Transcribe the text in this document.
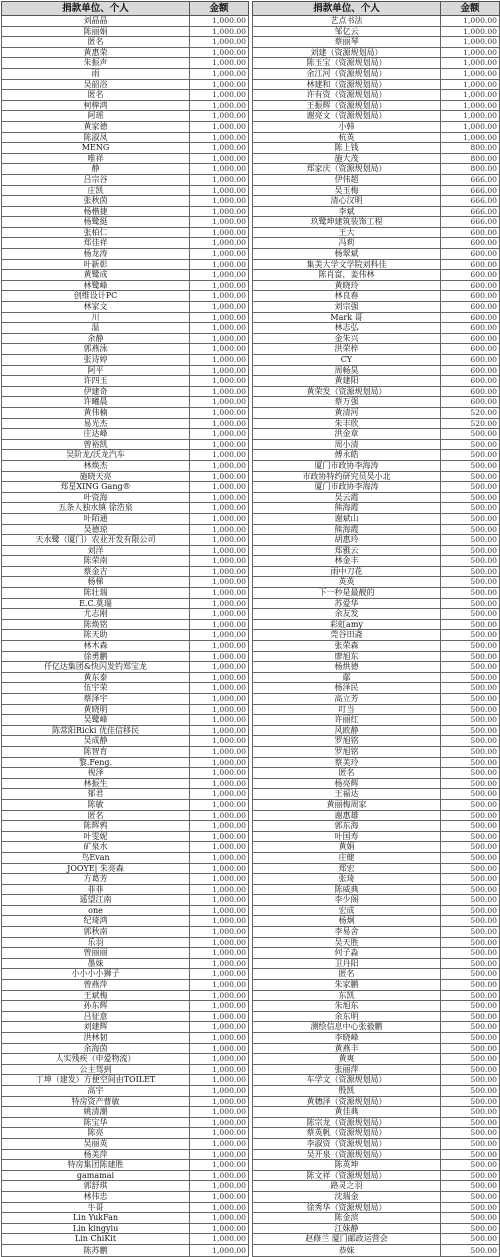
捐款单位、个人	金额
刘晶晶	1,000.00
陈丽娟	1,000.00
匿名	1,000.00
黄惠荣	1,000.00
朱振声	1,000.00
雨	1,000.00
吴韶浴	1,000.00
匿名	1,000.00
柯榉鸿	1,000.00
阿瑶	1,000.00
黄家德	1,000.00
陈淑凤	1,000.00
MENG	1,000.00
唯祥	1,000.00
静	1,000.00
吕宗谷	1,000.00
庄凯	1,000.00
张秋茵	1,000.00
杨楷捷	1,000.00
杨鹭挺	1,000.00
张柏仁	1,000.00
郑佳祥	1,000.00
杨龙涛	1,000.00
叶新彰	1,000.00
黄鹭成	1,000.00
林鹭峰	1,000.00
创维设计PC	1,000.00
林家文	1,000.00
川	1,000.00
温	1,000.00
余静	1,000.00
郭燕泳	1,000.00
张诗婷	1,000.00
阿平	1,000.00
许四玉	1,000.00
伊建奇	1,000.00
许曦晨	1,000.00
黄伟楠	1,000.00
易光杰	1,000.00
庄达峰	1,000.00
曾裕凯	1,000.00
吴阶龙/沃龙汽车	1,000.00
林焕杰	1,000.00
施晓天亮	1,000.00
郑星XING Gang®	1,000.00
叶资海	1,000.00
五条人独水镇 徐浩泉	1,000.00
叶陌通	1,000.00
吴德琼	1,000.00
天水鹭（厦门）农业开发有限公司	1,000.00
刘洋	1,000.00
陈荣南	1,000.00
蔡金吉	1,000.00
杨梯	1,000.00
陈壮瑞	1,000.00
E.C.莫瑞	1,000.00
尤志刚	1,000.00
陈焕铭	1,000.00
陈天助	1,000.00
林木森	1,000.00
徐勇鹏	1,000.00
仟亿达集团&快闪发钓郑宝龙	1,000.00
黄东泰	1,000.00
伍宇荣	1,000.00
蔡泽宇	1,000.00
黄晓明	1,000.00
吴鹭峰	1,000.00
陈常阳Ricki 优佳信移民	1,000.00
吴成静	1,000.00
陈智育	1,000.00
黎.Feng.	1,000.00
视泽	1,000.00
林振生	1,000.00
郁君	1,000.00
陈敏	1,000.00
匿名	1,000.00
陈辉鸦	1,000.00
叶雯妮	1,000.00
矿泉水	1,000.00
鸟Evan	1,000.00
JOOYE| 朱亮森	1,000.00
方葛芳	1,000.00
菲菲	1,000.00
遥望江南	1,000.00
one	1,000.00
纪琦鸿	1,000.00
郭秋南	1,000.00
乐羽	1,000.00
曾丽丽	1,000.00
墨妹	1,000.00
小小小小狮子	1,000.00
曾燕萍	1,000.00
王斌梅	1,000.00
孙东辉	1,000.00
吕征意	1,000.00
刘建辉	1,000.00
洪林韧	1,000.00
余海茵	1,000.00
人实残疾（申爱物流）	1,000.00
公主驾到	1,000.00
丁坤（建发）方便空间由TOILET	1,000.00
高宇	1,000.00
特房资产曹敏	1,000.00
姚清潮	1,000.00
陈宝华	1,000.00
陈亮	1,000.00
吴丽英	1,000.00
杨美萍	1,000.00
特房集团陈建胜	1,000.00
gamamai	1,000.00
郭舒琪	1,000.00
林伟忠	1,000.00
牛哥	1,000.00
Lin YukFan	1,000.00
Lin kingyiu	1,000.00
Lin ChiKit	1,000.00
陈苏鹏	1,000.00
捐款单位、个人	金额
艺点书法	1,000.00
邹亿云	1,000.00
蔡丽琴	1,000.00
刘建（资源规划局）	1,000.00
陈玉宝（资源规划局）	1,000.00
余江河（资源规划局）	1,000.00
林建和（资源规划局）	1,000.00
许有资（资源规划局）	1,000.00
王振辉（资源规划局）	1,000.00
谢亮文（资源规划局）	1,000.00
小韩	1,000.00
杭英	1,000.00
陈上钱	800.00
施大茂	800.00
郑家庆（资源规划局）	800.00
伊伟超	666.00
吴玉梅	666.00
清心汉明	666.00
李斌	666.00
玖鹭坤建筑装饰工程	666.00
王大	600.00
冯莉	600.00
杨翠斌	600.00
集美大学文学院刘科佳	600.00
陈肖富，姜伟林	600.00
黄晓玲	600.00
林良春	600.00
刘宗强	600.00
Mark 哥	600.00
林志弘	600.00
金朱兴	600.00
洪荣梓	600.00
CY	600.00
周畅昊	600.00
黄建阳	600.00
黄荣发（资源规划局）	600.00
蔡万强	600.00
黄清河	520.00
朱丰欣	520.00
洪金章	500.00
周小清	500.00
傅永皓	500.00
厦门市政协李海涛	500.00
市政协特约研究员吴小北	500.00
厦门市政协李海涛	500.00
吴云霞	500.00
熊海霞	500.00
谢斌山	500.00
熊海霞	500.00
胡惠玲	500.00
郑雅云	500.00
林金丰	500.00
雨中刀花	500.00
英英	500.00
下一秒是最靓的	500.00
苏爱华	500.00
余友发	500.00
彩虹amy	500.00
莞谷田斋	500.00
张荣森	500.00
廖旭东	500.00
杨烘德	500.00
鄢	500.00
杨泽民	500.00
高立芳	500.00
叮当	500.00
许丽红	500.00
风欧静	500.00
罗旭铭	500.00
罗旭铭	500.00
蔡美玲	500.00
匿名	500.00
杨亮辉	500.00
王福达	500.00
黄丽梅周家	500.00
谢惠雄	500.00
郭东海	500.00
叶国寿	500.00
黄娟	500.00
庄健	500.00
郑宏	500.00
张琦	500.00
陈威典	500.00
李少阁	500.00
宏成	500.00
杨炯	500.00
李易舍	500.00
吴天胜	500.00
何子淼	500.00
卫丹阳	500.00
匿名	500.00
朱家鹏	500.00
东凯	500.00
朱旭东	500.00
余东明	500.00
测绘信息中心张毅鹏	500.00
李晓峰	500.00
黄燕丰	500.00
黄爽	500.00
张丽萍	500.00
车学文（资源规划局）	500.00
殷凯	500.00
黄穗泽（资源规划局）	500.00
黄佳典	500.00
陈宗龙（资源规划局）	500.00
蔡英帆（资源规划局）	500.00
李淑资（资源规划局）	500.00
吴开泉（资源规划局）	500.00
陈英坤	500.00
陈文祥（资源规划局）	500.00
路灵之羽	500.00
沈瑞金	500.00
徐秀华（资源规划局）	500.00
陈金滨	500.00
江妹静	500.00
赵修兰 厦门邮政运营会	500.00
恭妹	500.00
